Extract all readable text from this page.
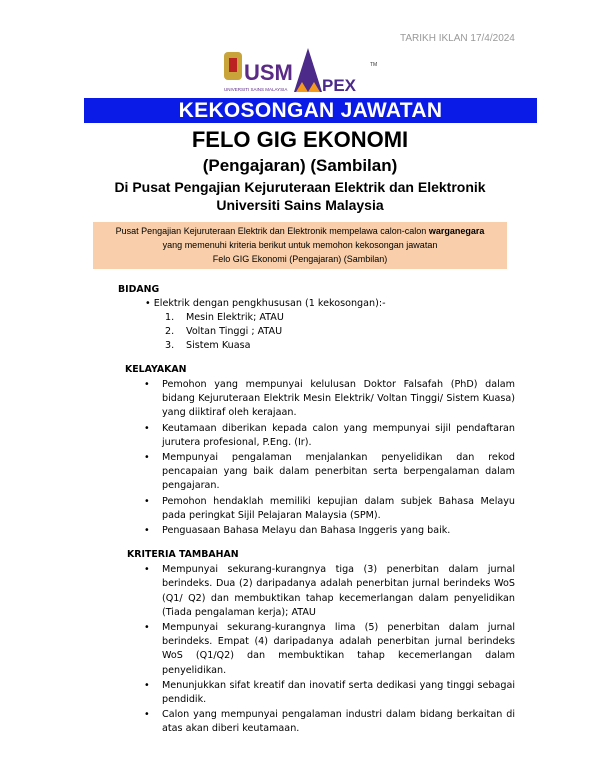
TARIKH IKLAN 17/4/2024
USM
UNIVERSITI SAINS MALAYSIA PEX
TM
KEKOSONGAN JAWATAN
FELO GIG EKONOMI
(Pengajaran) (Sambilan)
Di Pusat Pengajian Kejuruteraan Elektrik dan Elektronik
Universiti Sains Malaysia
Pusat Pengajian Kejuruteraan Elektrik dan Elektronik mempelawa calon-calon warganegara
yang memenuhi kriteria berikut untuk memohon kekosongan jawatan
Felo GIG Ekonomi (Pengajaran) (Sambilan)
BIDANG
• Elektrik dengan pengkhususan (1 kekosongan):-
1. Mesin Elektrik; ATAU
2. Voltan Tinggi ; ATAU
3. Sistem Kuasa
KELAYAKAN
• Pemohon yang mempunyai kelulusan Doktor Falsafah (PhD) dalam bidang Kejuruteraan Elektrik Mesin Elektrik/ Voltan Tinggi/ Sistem Kuasa) yang diiktiraf oleh kerajaan.
• Keutamaan diberikan kepada calon yang mempunyai sijil pendaftaran jurutera profesional, P.Eng. (Ir).
• Mempunyai pengalaman menjalankan penyelidikan dan rekod pencapaian yang baik dalam penerbitan serta berpengalaman dalam pengajaran.
• Pemohon hendaklah memiliki kepujian dalam subjek Bahasa Melayu pada peringkat Sijil Pelajaran Malaysia (SPM).
• Penguasaan Bahasa Melayu dan Bahasa Inggeris yang baik.
KRITERIA TAMBAHAN
• Mempunyai sekurang-kurangnya tiga (3) penerbitan dalam jurnal berindeks. Dua (2) daripadanya adalah penerbitan jurnal berindeks WoS (Q1/ Q2) dan membuktikan tahap kecemerlangan dalam penyelidikan (Tiada pengalaman kerja); ATAU
• Mempunyai sekurang-kurangnya lima (5) penerbitan dalam jurnal berindeks. Empat (4) daripadanya adalah penerbitan jurnal berindeks WoS (Q1/Q2) dan membuktikan tahap kecemerlangan dalam penyelidikan.
• Menunjukkan sifat kreatif dan inovatif serta dedikasi yang tinggi sebagai pendidik.
• Calon yang mempunyai pengalaman industri dalam bidang berkaitan di atas akan diberi keutamaan.
